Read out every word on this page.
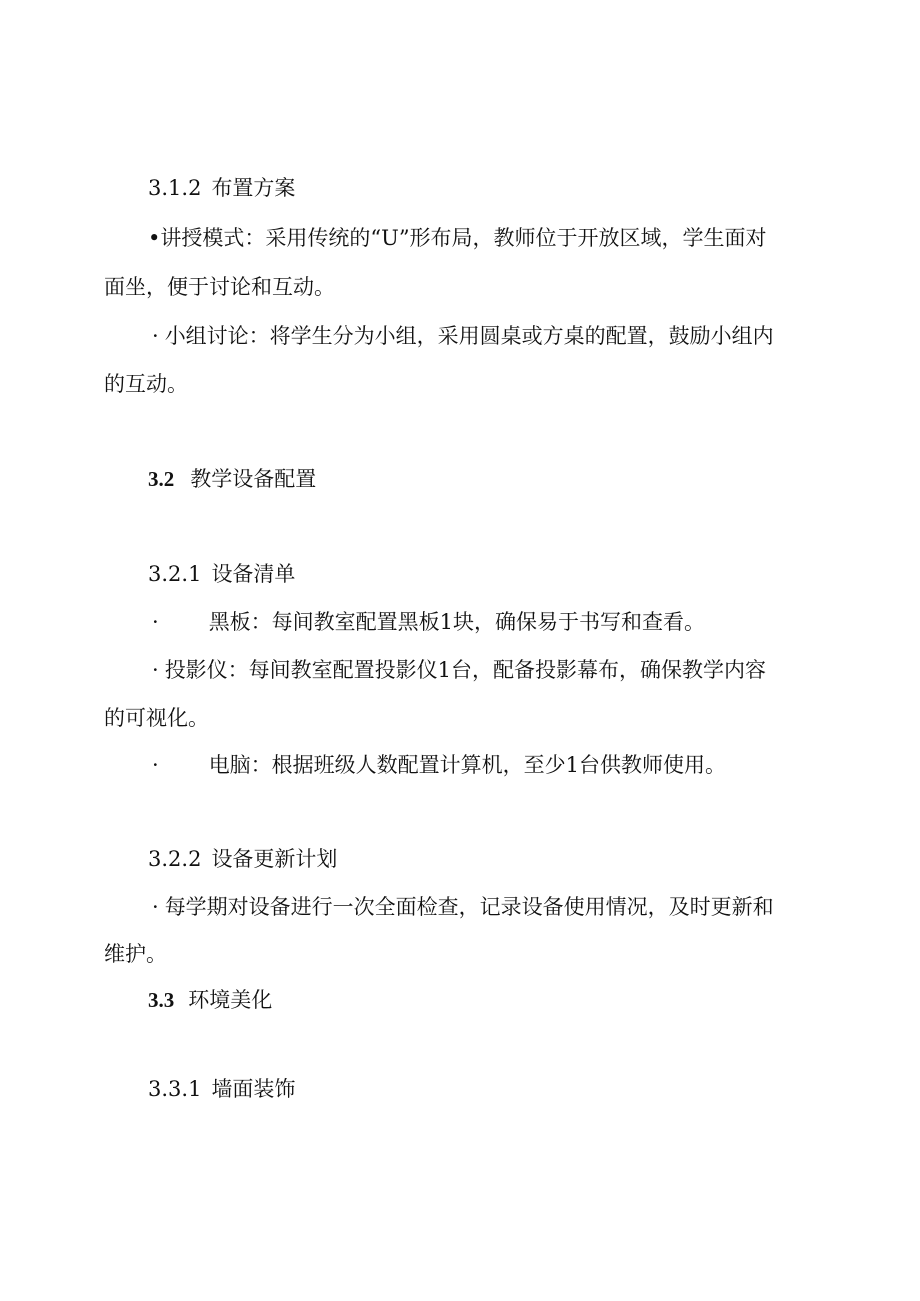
3.1.2 布置方案
•讲授模式：采用传统的“U”形布局，教师位于开放区域，学生面对
面坐，便于讨论和互动。
· 小组讨论：将学生分为小组，采用圆桌或方桌的配置，鼓励小组内
的互动。
3.2 教学设备配置
3.2.1 设备清单
· 黑板：每间教室配置黑板1块，确保易于书写和查看。
· 投影仪：每间教室配置投影仪1台，配备投影幕布，确保教学内容
的可视化。
· 电脑：根据班级人数配置计算机，至少1台供教师使用。
3.2.2 设备更新计划
· 每学期对设备进行一次全面检查，记录设备使用情况，及时更新和
维护。
3.3 环境美化
3.3.1 墙面装饰
